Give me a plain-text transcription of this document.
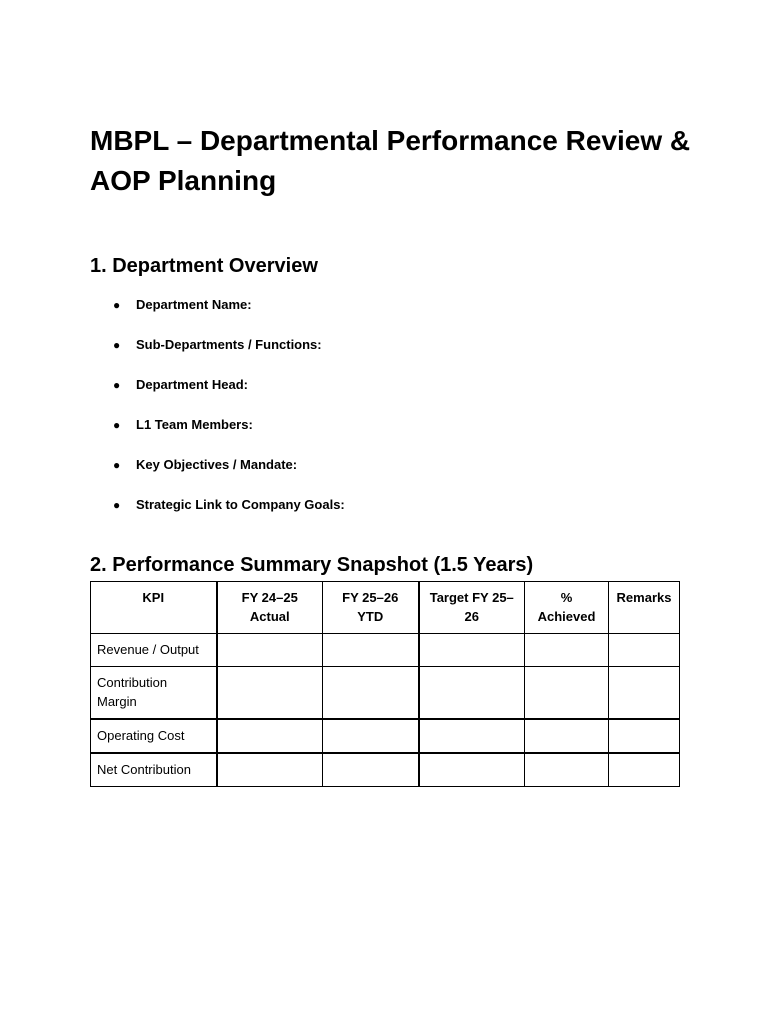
MBPL – Departmental Performance Review & AOP Planning
1. Department Overview
● Department Name:
● Sub-Departments / Functions:
● Department Head:
● L1 Team Members:
● Key Objectives / Mandate:
● Strategic Link to Company Goals:
2. Performance Summary Snapshot (1.5 Years)
KPI	FY 24–25 Actual	FY 25–26 YTD	Target FY 25–26	% Achieved	Remarks
Revenue / Output					
Contribution Margin					
Operating Cost					
Net Contribution					
